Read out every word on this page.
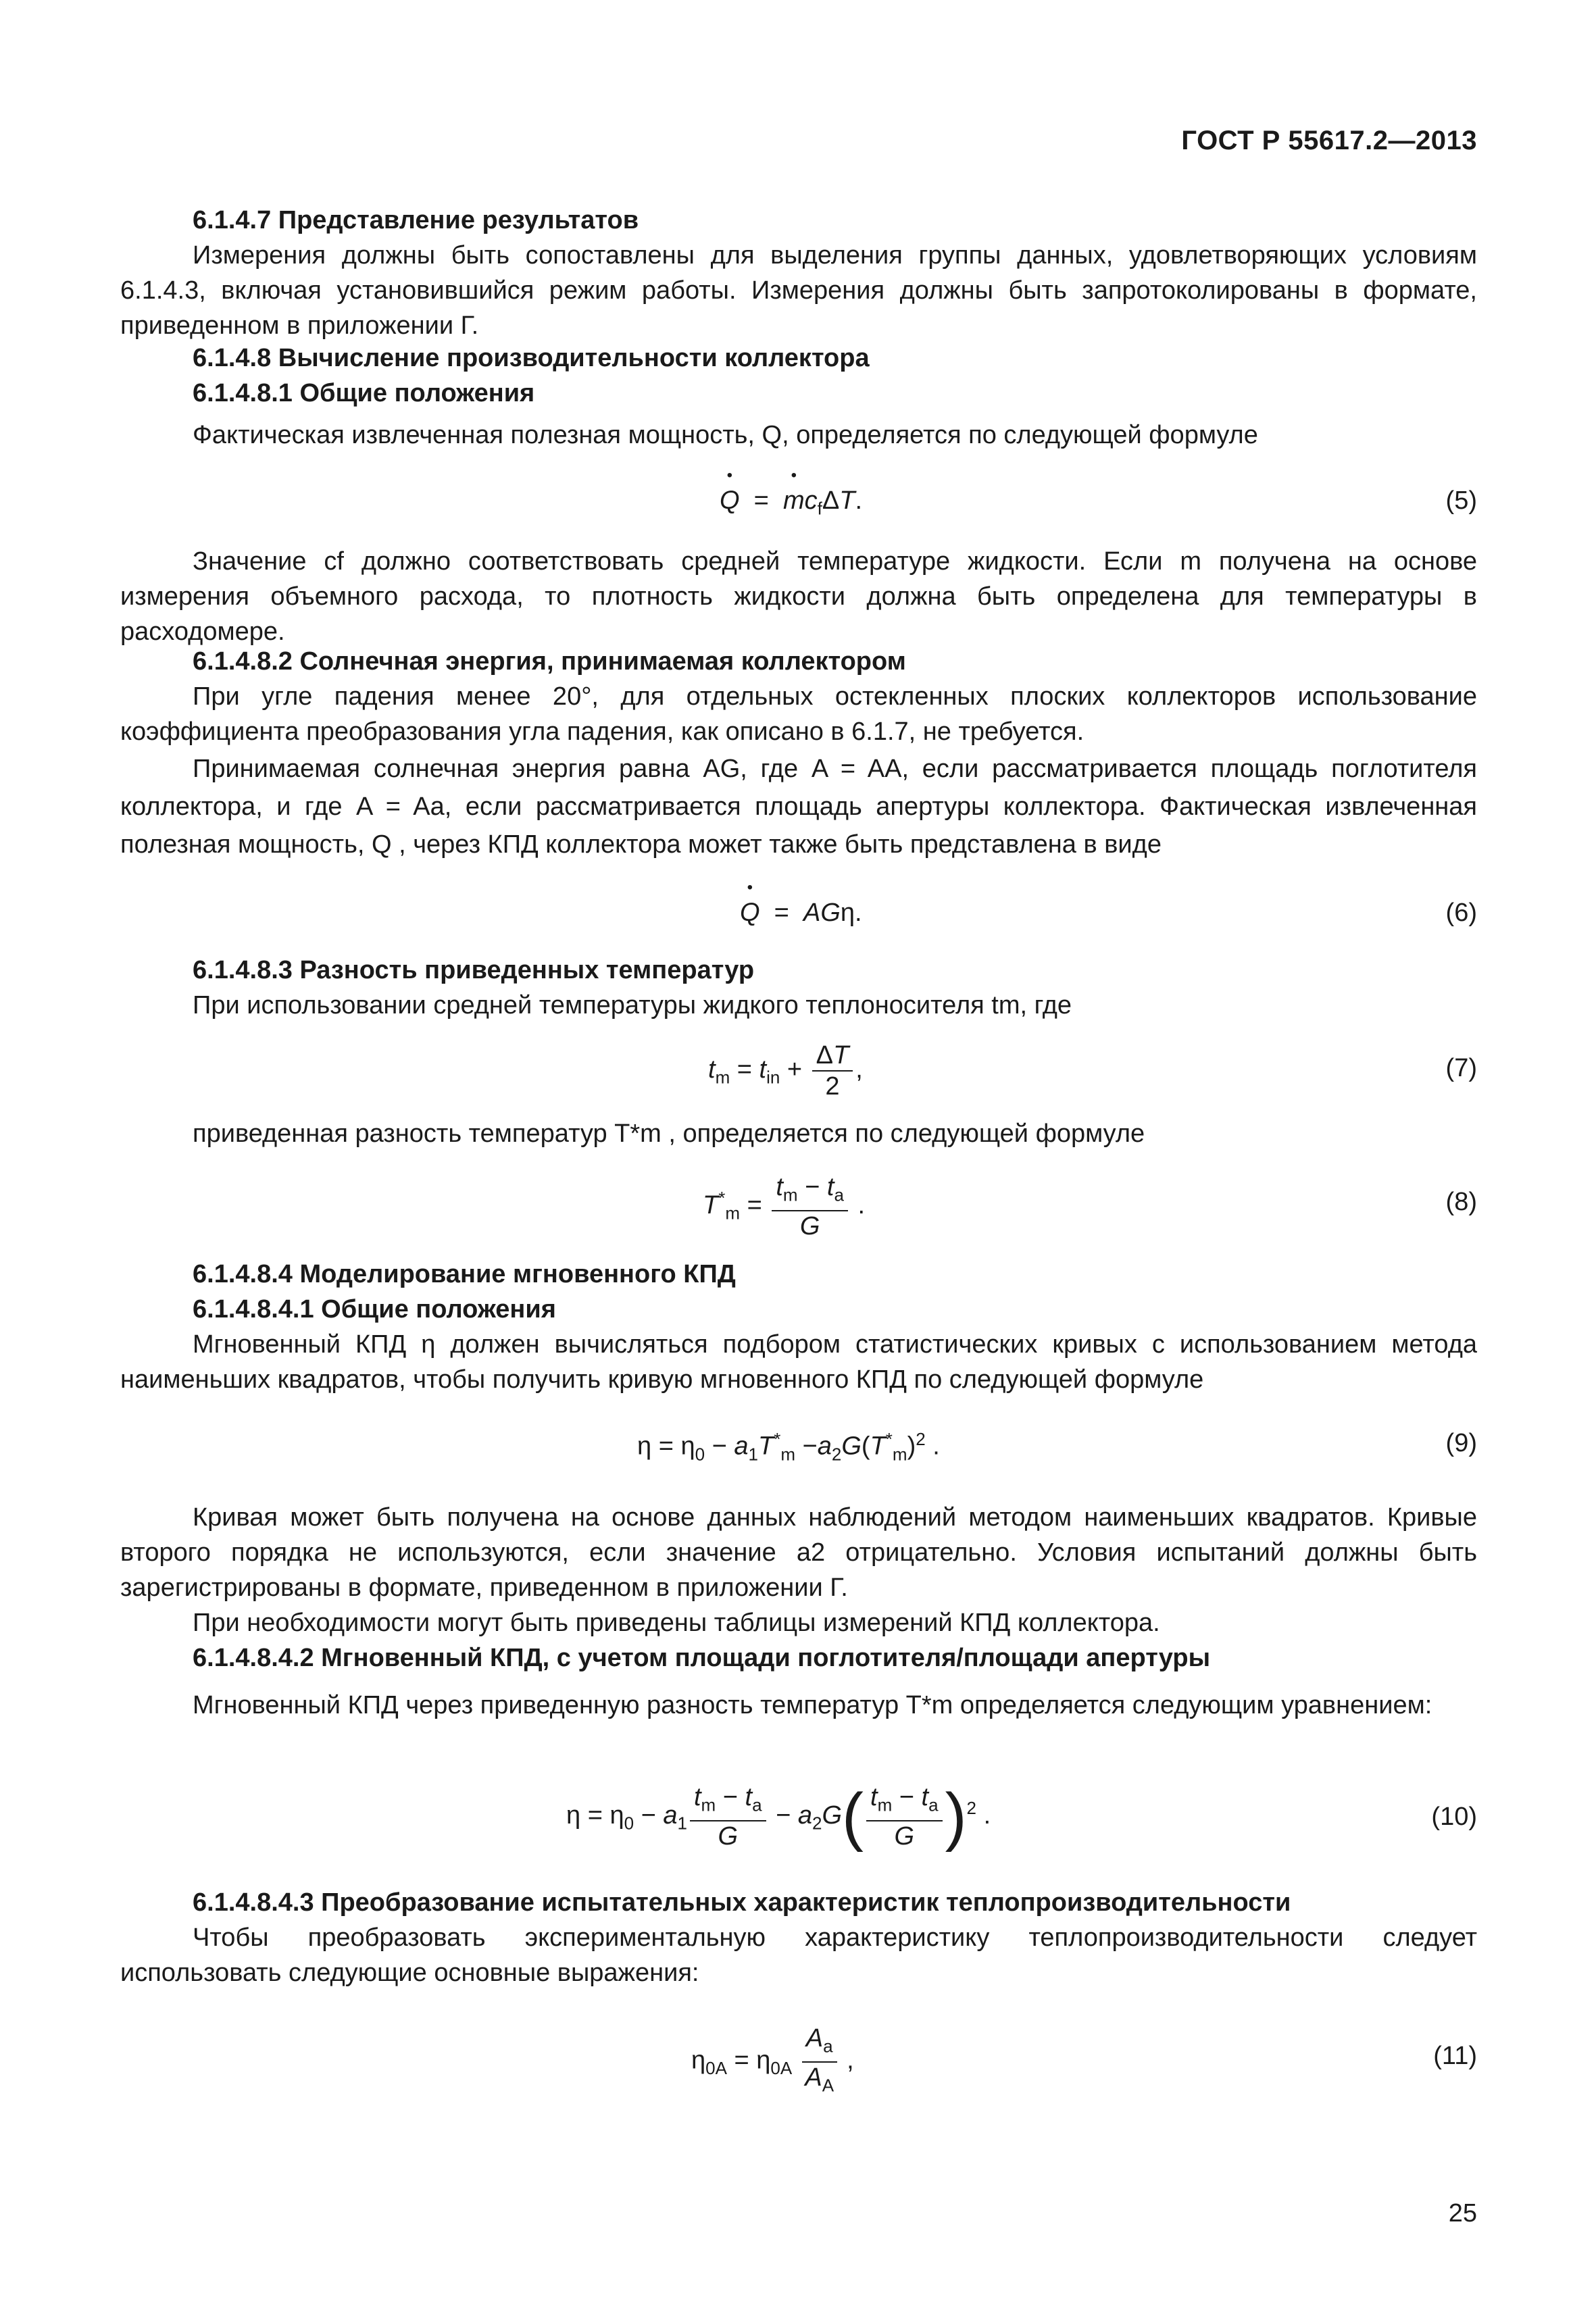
ГОСТ Р 55617.2—2013
6.1.4.7 Представление результатов
Измерения должны быть сопоставлены для выделения группы данных, удовлетворяющих условиям 6.1.4.3, включая установившийся режим работы. Измерения должны быть запротоколированы в формате, приведенном в приложении Г.
6.1.4.8 Вычисление производительности коллектора
6.1.4.8.1 Общие положения
Фактическая извлеченная полезная мощность, Q, определяется по следующей формуле
• Q  =  • $mc_f\Delta T$.	(5)
Значение cf должно соответствовать средней температуре жидкости. Если m получена на основе измерения объемного расхода, то плотность жидкости должна быть определена для температуры в расходомере.
6.1.4.8.2 Солнечная энергия, принимаемая коллектором
При угле падения менее 20°, для отдельных остекленных плоских коллекторов использование коэффициента преобразования угла падения, как описано в 6.1.7, не требуется.
Принимаемая солнечная энергия равна AG, где A = AA, если рассматривается площадь поглотителя коллектора, и где A = Aa, если рассматривается площадь апертуры коллектора. Фактическая извлеченная полезная мощность, Q , через КПД коллектора может также быть представлена в виде
• Q  =  AGη.	(6)
6.1.4.8.3 Разность приведенных температур
При использовании средней температуры жидкого теплоносителя tm, где
$t_m = t_{in} + \frac{\Delta T}{2}$ ,	(7)
приведенная разность температур T*m , определяется по следующей формуле
$T^*_m = \frac{t_m - t_a}{G}$ .	(8)
6.1.4.8.4 Моделирование мгновенного КПД
6.1.4.8.4.1 Общие положения
Мгновенный КПД η должен вычисляться подбором статистических кривых с использованием метода наименьших квадратов, чтобы получить кривую мгновенного КПД по следующей формуле
$\eta = \eta_0 - a_1T^*_m -a_2G(T^*_m)^2$ .	(9)
Кривая может быть получена на основе данных наблюдений методом наименьших квадратов. Кривые второго порядка не используются, если значение a2 отрицательно. Условия испытаний должны быть зарегистрированы в формате, приведенном в приложении Г.
При необходимости могут быть приведены таблицы измерений КПД коллектора.
6.1.4.8.4.2 Мгновенный КПД, с учетом площади поглотителя/площади апертуры
Мгновенный КПД через приведенную разность температур T*m определяется следующим уравнением:
$\eta = \eta_0 - a_1 \frac{t_m - t_a}{G} - a_2G( \frac{t_m - t_a}{G} )^2$ .	(10)
6.1.4.8.4.3 Преобразование испытательных характеристик теплопроизводительности
Чтобы преобразовать экспериментальную характеристику теплопроизводительности следует использовать следующие основные выражения:
$\eta_{0A} = \eta_{0A} \frac{A_a}{A_A}$ ,	(11)
25
